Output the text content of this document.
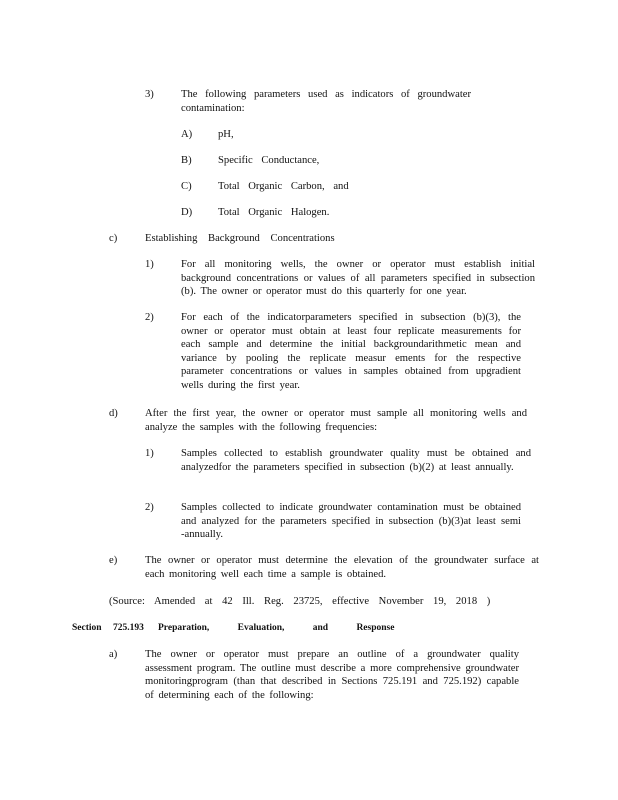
3)	The following parameters used as indicators of groundwater contamination:
A) pH,
B) Specific Conductance,
C) Total Organic Carbon, and
D) Total Organic Halogen.
c)	Establishing Background Concentrations
1)	For all monitoring wells, the owner or operator must establish initial background concentrations or values of all parameters specified in subsection (b). The owner or operator must do this quarterly for one year.
2)	For each of the indicatorparameters specified in subsection (b)(3), the owner or operator must obtain at least four replicate measurements for each sample and determine the initial backgroundarithmetic mean and variance by pooling the replicate measur ements for the respective parameter concentrations or values in samples obtained from upgradient wells during the first year.
d)	After the first year, the owner or operator must sample all monitoring wells and analyze the samples with the following frequencies:
1)	Samples collected to establish groundwater quality must be obtained and analyzedfor the parameters specified in subsection (b)(2) at least annually.
2)	Samples collected to indicate groundwater contamination must be obtained and analyzed for the parameters specified in subsection (b)(3)at least semi -annually.
e)	The owner or operator must determine the elevation of the groundwater surface at each monitoring well each time a sample is obtained.
(Source: Amended at 42 Ill. Reg. 23725, effective November 19, 2018 )
Section 725.193 Preparation, Evaluation, and Response
a)	The owner or operator must prepare an outline of a groundwater quality assessment program. The outline must describe a more comprehensive groundwater monitoringprogram (than that described in Sections 725.191 and 725.192) capable of determining each of the following:
